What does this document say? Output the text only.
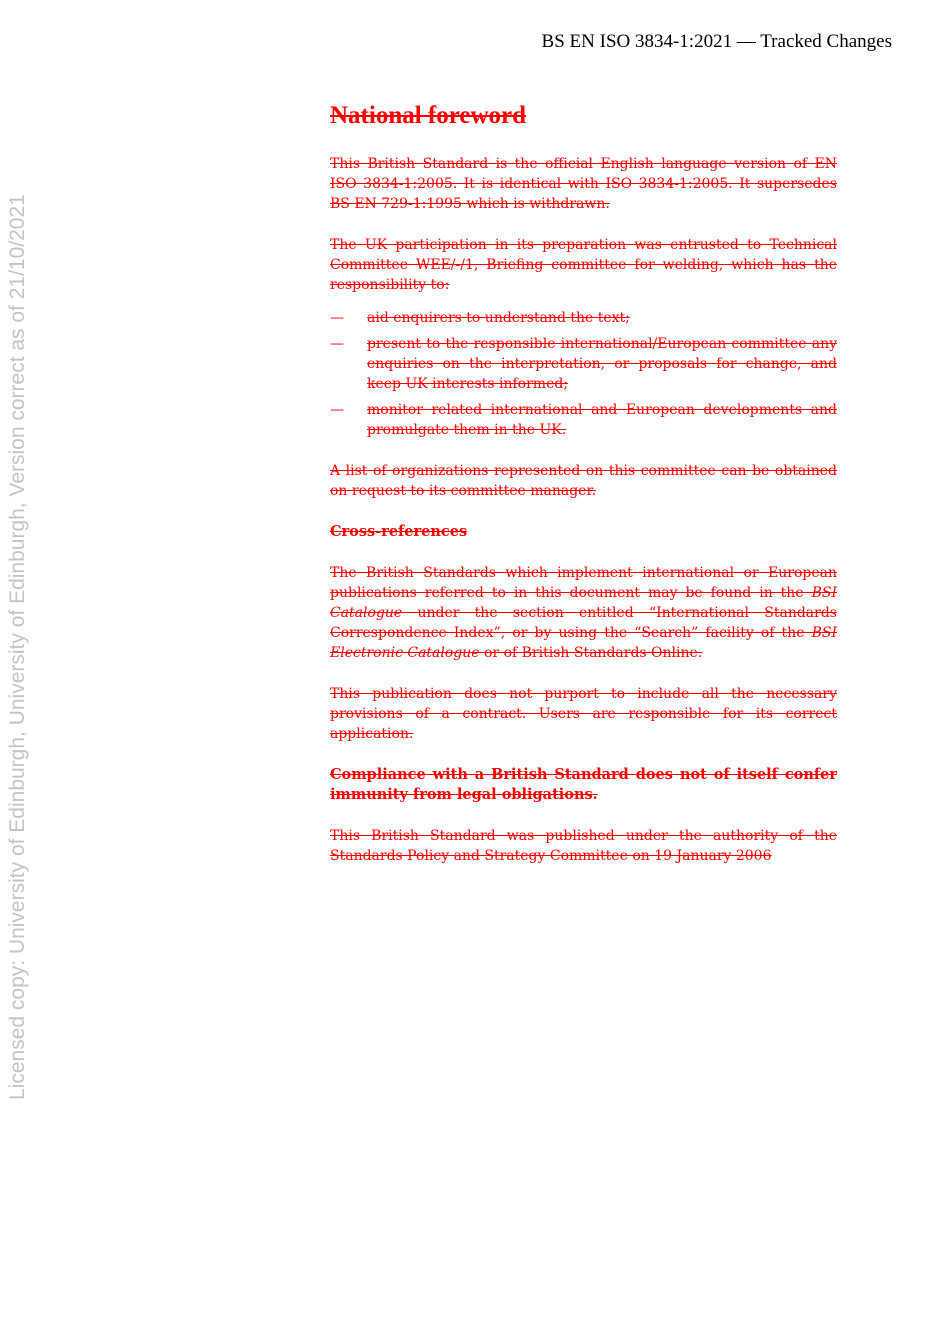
BS EN ISO 3834-1:2021 — Tracked Changes
Licensed copy: University of Edinburgh, University of Edinburgh, Version correct as of 21/10/2021
National foreword

This British Standard is the official English language version of EN ISO 3834-1:2005. It is identical with ISO 3834-1:2005. It supersedes BS EN 729-1:1995 which is withdrawn.

The UK participation in its preparation was entrusted to Technical Committee WEE/-/1, Briefing committee for welding, which has the responsibility to:

— aid enquirers to understand the text;
— present to the responsible international/European committee any enquiries on the interpretation, or proposals for change, and keep UK interests informed;
— monitor related international and European developments and promulgate them in the UK.

A list of organizations represented on this committee can be obtained on request to its committee manager.

Cross-references

The British Standards which implement international or European publications referred to in this document may be found in the BSI Catalogue under the section entitled “International Standards Correspondence Index”, or by using the “Search” facility of the BSI Electronic Catalogue or of British Standards Online.

This publication does not purport to include all the necessary provisions of a contract. Users are responsible for its correct application.

Compliance with a British Standard does not of itself confer immunity from legal obligations.

This British Standard was published under the authority of the Standards Policy and Strategy Committee on 19 January 2006
